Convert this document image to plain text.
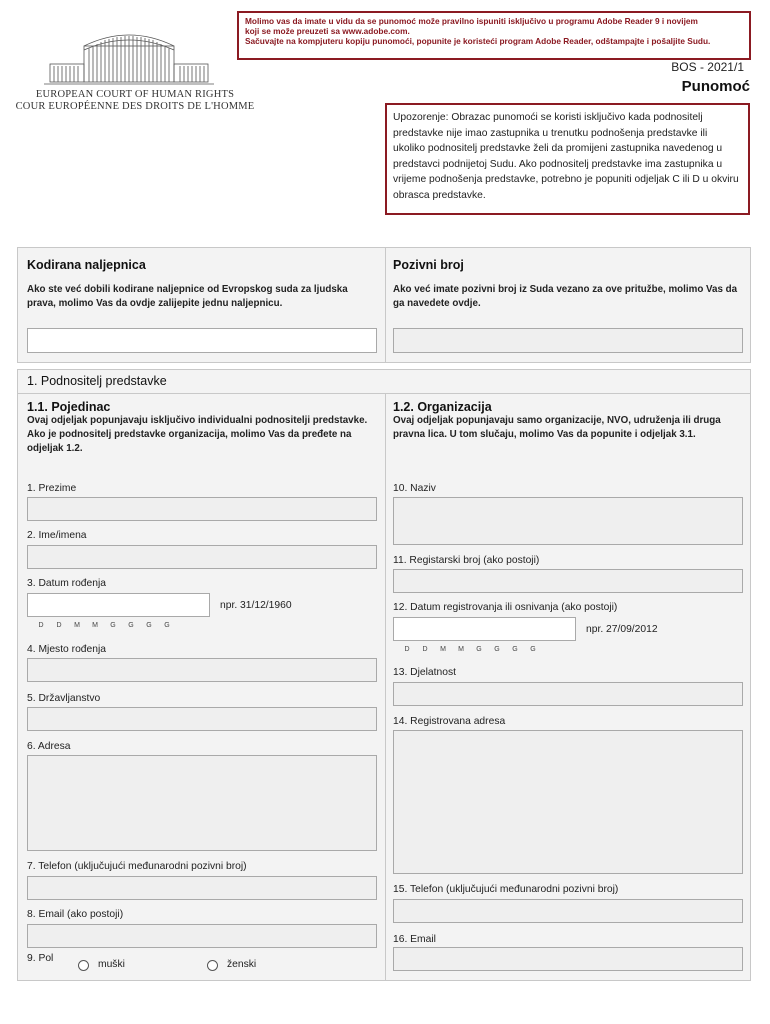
Molimo vas da imate u vidu da se punomoć može pravilno ispuniti isključivo u programu Adobe Reader 9 i novijem
koji se može preuzeti sa www.adobe.com.
Sačuvajte na kompjuteru kopiju punomoći, popunite je koristeći program Adobe Reader, odštampajte i pošaljite Sudu.
EUROPEAN COURT OF HUMAN RIGHTS
COUR EUROPÉENNE DES DROITS DE L'HOMME
BOS - 2021/1
Punomoć
Upozorenje: Obrazac punomoći se koristi isključivo kada podnositelj predstavke nije imao zastupnika u trenutku podnošenja predstavke ili ukoliko podnositelj predstavke želi da promijeni zastupnika navedenog u predstavci podnijetoj Sudu. Ako podnositelj predstavke ima zastupnika u vrijeme podnošenja predstavke, potrebno je popuniti odjeljak C ili D u okviru obrasca predstavke.
Kodirana naljepnica
Ako ste već dobili kodirane naljepnice od Evropskog suda za ljudska prava, molimo Vas da ovdje zalijepite jednu naljepnicu.
Pozivni broj
Ako već imate pozivni broj iz Suda vezano za ove pritužbe, molimo Vas da ga navedete ovdje.
1. Podnositelj predstavke
1.1. Pojedinac
Ovaj odjeljak popunjavaju isključivo individualni podnositelji predstavke. Ako je podnositelj predstavke organizacija, molimo Vas da pređete na odjeljak 1.2.
1. Prezime
2. Ime/imena
3. Datum rođenja
npr. 31/12/1960
D	D	M	M	G	G	G	G
4. Mjesto rođenja
5. Državljanstvo
6. Adresa
7. Telefon (uključujući međunarodni pozivni broj)
8. Email (ako postoji)
9. Pol
muški	ženski
1.2. Organizacija
Ovaj odjeljak popunjavaju samo organizacije, NVO, udruženja ili druga pravna lica. U tom slučaju, molimo Vas da popunite i odjeljak 3.1.
10. Naziv
11. Registarski broj (ako postoji)
12. Datum registrovanja ili osnivanja (ako postoji)
npr. 27/09/2012
D	D	M	M	G	G	G	G
13. Djelatnost
14. Registrovana adresa
15. Telefon (uključujući međunarodni pozivni broj)
16. Email
